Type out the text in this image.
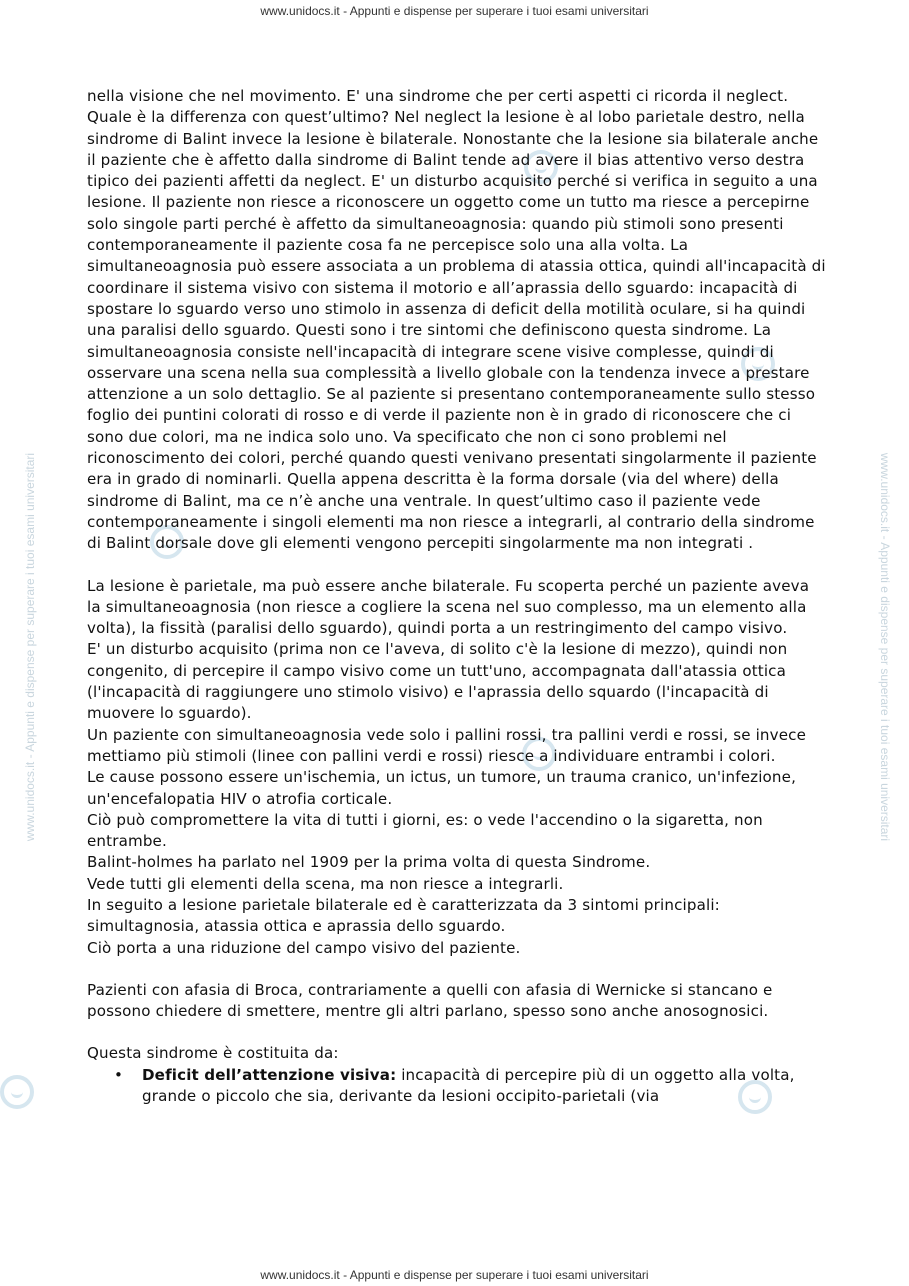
www.unidocs.it - Appunti e dispense per superare i tuoi esami universitari
www.unidocs.it - Appunti e dispense per superare i tuoi esami universitari	www.unidocs.it - Appunti e dispense per superare i tuoi esami universitari

nella visione che nel movimento. E' una sindrome che per certi aspetti ci ricorda il neglect. Quale è la differenza con quest’ultimo? Nel neglect la lesione è al lobo parietale destro, nella sindrome di Balint invece la lesione è bilaterale. Nonostante che la lesione sia bilaterale anche il paziente che è affetto dalla sindrome di Balint tende ad avere il bias attentivo verso destra tipico dei pazienti affetti da neglect. E' un disturbo acquisito perché si verifica in seguito a una lesione. Il paziente non riesce a riconoscere un oggetto come un tutto ma riesce a percepirne solo singole parti perché è affetto da simultaneoagnosia: quando più stimoli sono presenti contemporaneamente il paziente cosa fa ne percepisce solo una alla volta. La simultaneoagnosia può essere associata a un problema di atassia ottica, quindi all'incapacità di coordinare il sistema visivo con sistema il motorio e all’aprassia dello sguardo: incapacità di spostare lo sguardo verso uno stimolo in assenza di deficit della motilità oculare, si ha quindi una paralisi dello sguardo. Questi sono i tre sintomi che definiscono questa sindrome. La simultaneoagnosia consiste nell'incapacità di integrare scene visive complesse, quindi di osservare una scena nella sua complessità a livello globale con la tendenza invece a prestare attenzione a un solo dettaglio. Se al paziente si presentano contemporaneamente sullo stesso foglio dei puntini colorati di rosso e di verde il paziente non è in grado di riconoscere che ci sono due colori, ma ne indica solo uno. Va specificato che non ci sono problemi nel riconoscimento dei colori, perché quando questi venivano presentati singolarmente il paziente era in grado di nominarli. Quella appena descritta è la forma dorsale (via del where) della sindrome di Balint, ma ce n’è anche una ventrale. In quest’ultimo caso il paziente vede contemporaneamente i singoli elementi ma non riesce a integrarli, al contrario della sindrome di Balint dorsale dove gli elementi vengono percepiti singolarmente ma non integrati .

La lesione è parietale, ma può essere anche bilaterale. Fu scoperta perché un paziente aveva la simultaneoagnosia (non riesce a cogliere la scena nel suo complesso, ma un elemento alla volta), la fissità (paralisi dello sguardo), quindi porta a un restringimento del campo visivo.

E' un disturbo acquisito (prima non ce l'aveva, di solito c'è la lesione di mezzo), quindi non congenito, di percepire il campo visivo come un tutt'uno, accompagnata dall'atassia ottica (l'incapacità di raggiungere uno stimolo visivo) e l'aprassia dello squardo (l'incapacità di muovere lo sguardo).

Un paziente con simultaneoagnosia vede solo i pallini rossi, tra pallini verdi e rossi, se invece mettiamo più stimoli (linee con pallini verdi e rossi) riesce a individuare entrambi i colori.

Le cause possono essere un'ischemia, un ictus, un tumore, un trauma cranico, un'infezione, un'encefalopatia HIV o atrofia corticale.

Ciò può compromettere la vita di tutti i giorni, es: o vede l'accendino o la sigaretta, non entrambe.

Balint-holmes ha parlato nel 1909 per la prima volta di questa Sindrome.

Vede tutti gli elementi della scena, ma non riesce a integrarli.

In seguito a lesione parietale bilaterale ed è caratterizzata da 3 sintomi principali: simultagnosia, atassia ottica e aprassia dello sguardo.

Ciò porta a una riduzione del campo visivo del paziente.

Pazienti con afasia di Broca, contrariamente a quelli con afasia di Wernicke si stancano e possono chiedere di smettere, mentre gli altri parlano, spesso sono anche anosognosici.

Questa sindrome è costituita da:

• Deficit dell’attenzione visiva: incapacità di percepire più di un oggetto alla volta, grande o piccolo che sia, derivante da lesioni occipito-parietali (via
www.unidocs.it - Appunti e dispense per superare i tuoi esami universitari
